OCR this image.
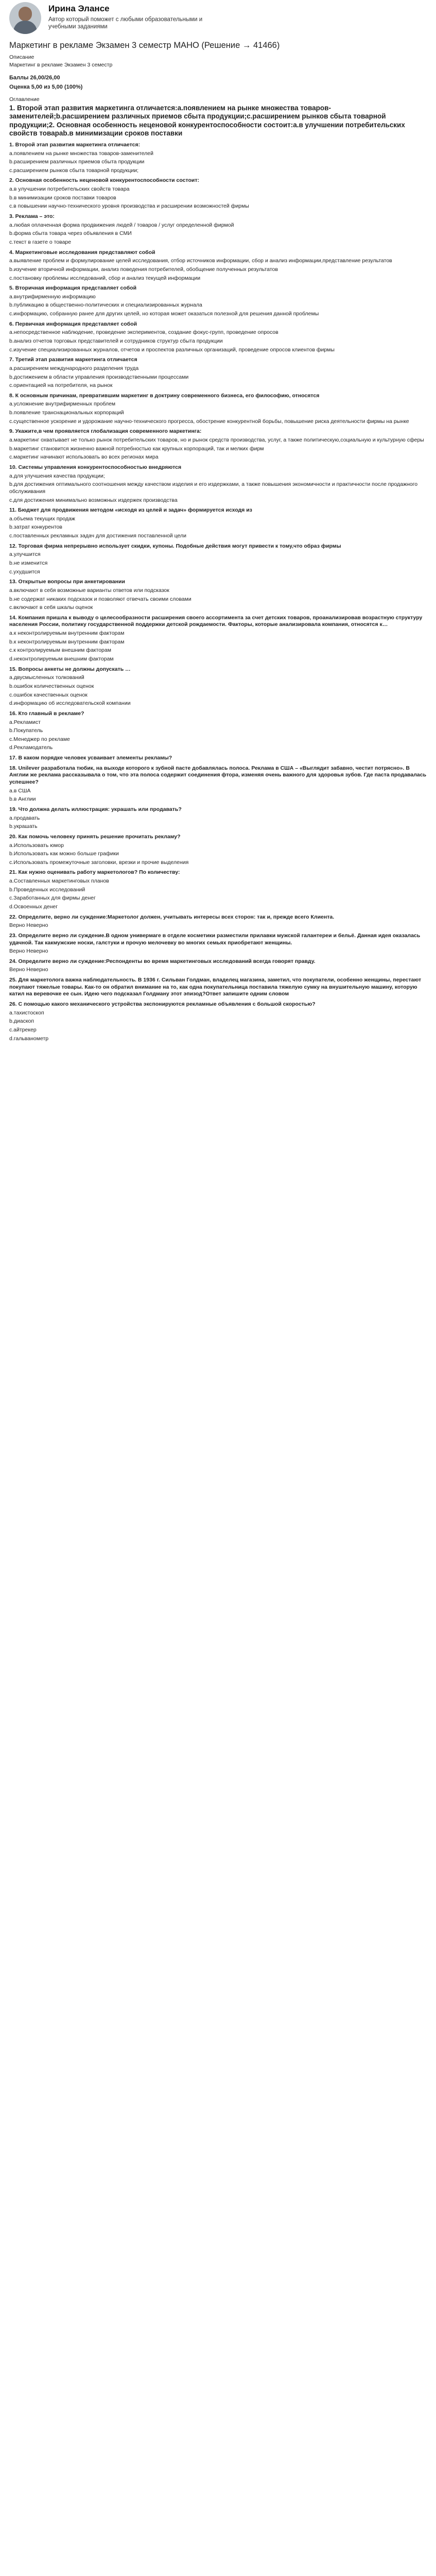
Ирина Элансе
Автор который поможет с любыми образовательными и учебными заданиями
Маркетинг в рекламе Экзамен 3 семестр МАНО (Решение → 41466)
Описание
Маркетинг в рекламе Экзамен 3 семестр
Баллы 26,00/26,00
Оценка 5,00 из 5,00 (100%)
Оглавление
1. Второй этап развития маркетинга отличается:а.появлением на рынке множества товаров-заменителей;b.расширением различных приемов сбыта продукции;с.расширением рынков сбыта товарной продукции;2. Основная особенность неценовой конкурентоспособности состоит:а.в улучшении потребительских свойств товараb.в минимизации сроков поставки
1. Второй этап развития маркетинга отличается:
а.появлением на рынке множества товаров-заменителей
b.расширением различных приемов сбыта продукции
c.расширением рынков сбыта товарной продукции;
2. Основная особенность неценовой конкурентоспособности состоит:
а.в улучшении потребительских свойств товара
b.в минимизации сроков поставки товаров
c.в повышении научно-технического уровня производства и расширении возможностей фирмы
3. Реклама – это:
а.любая оплаченная форма продвижения людей / товаров / услуг определенной фирмой
b.форма сбыта товара через объявления в СМИ
c.текст в газете о товаре
4. Маркетинговые исследования представляют собой
а.выявление проблем и формулирование целей исследования, отбор источников информации, сбор и анализ информации,представление результатов
b.изучение вторичной информации, анализ поведения потребителей, обобщение полученных результатов
c.постановку проблемы исследований, сбор и анализ текущей информации
5. Вторичная информация представляет собой
а.внутрифирменную информацию
b.публикацию в общественно-политических и специализированных журнала
c.информацию, собранную ранее для других целей, но которая может оказаться полезной для решения данной проблемы
6. Первичная информация представляет собой
а.непосредственное наблюдение, проведение экспериментов, создание фокус-групп, проведение опросов
b.анализ отчетов торговых представителей и сотрудников структур сбыта продукции
c.изучение специализированных журналов, отчетов и проспектов различных организаций, проведение опросов клиентов фирмы
7. Третий этап развития маркетинга отличается
а.расширением международного разделения труда
b.достижением в области управления производственными процессами
c.ориентацией на потребителя, на рынок
8. К основным причинам, превратившим маркетинг в доктрину современного бизнеса, его философию, относятся
а.усложнение внутрифирменных проблем
b.появление транснациональных корпораций
c.существенное ускорение и удорожание научно-технического прогресса, обострение конкурентной борьбы, повышение риска деятельности фирмы на рынке
9. Укажите,в чем проявляется глобализация современного маркетинга:
а.маркетинг охватывает не только рынок потребительских товаров, но и рынок средств производства, услуг, а также политическую,социальную и культурную сферы
b.маркетинг становится жизненно важной потребностью как крупных корпораций, так и мелких фирм
c.маркетинг начинают использовать во всех регионах мира
10. Системы управления конкурентоспособностью внедряются
а.для улучшения качества продукции;
b.для достижения оптимального соотношения между качеством изделия и его издержками, а также повышения экономичности и практичности после продажного обслуживания
c.для достижения минимально возможных издержек производства
11. Бюджет для продвижения методом «исходя из целей и задач» формируется исходя из
а.объема текущих продаж
b.затрат конкурентов
c.поставленных рекламных задач для достижения поставленной цели
12. Торговая фирма непрерывно использует скидки, купоны. Подобные действия могут привести к тому,что образ фирмы
а.улучшится
b.не изменится
c.ухудшится
13. Открытые вопросы при анкетировании
а.включают в себя возможные варианты ответов или подсказок
b.не содержат никаких подсказок и позволяют отвечать своими словами
c.включают в себя шкалы оценок
14. Компания пришла к выводу о целесообразности расширения своего ассортимента за счет детских товаров, проанализировав возрастную структуру населения России, политику государственной поддержки детской рождаемости. Факторы, которые анализировала компания, относятся к…
а.к неконтролируемым внутренним факторам
b.к неконтролируемым внутренним факторам
c.к контролируемым внешним факторам
d.неконтролируемым внешним факторам
15. Вопросы анкеты не должны допускать …
а.двусмысленных толкований
b.ошибок количественных оценок
c.ошибок качественных оценок
d.информацию об исследовательской компании
16. Кто главный в рекламе?
а.Рекламист
b.Покупатель
c.Менеджер по рекламе
d.Рекламодатель
17. В каком порядке человек усваивает элементы рекламы?
18. Unilever разработала тюбик, на выходе которого к зубной пасте добавлялась полоса. Реклама в США – «Выглядит забавно, честит потрясно». В Англии же реклама рассказывала о том, что эта полоса содержит соединения фтора, изменяя очень важного для здоровья зубов. Где паста продавалась успешнее?
а.в США
b.в Англии
19. Что должна делать иллюстрация: украшать или продавать?
а.продавать
b.украшать
20. Как помочь человеку принять решение прочитать рекламу?
а.Использовать юмор
b.Использовать как можно больше графики
c.Использовать промежуточные заголовки, врезки и прочие выделения
21. Как нужно оценивать работу маркетологов? По количеству:
а.Составленных маркетинговых планов
b.Проведенных исследований
c.Заработанных для фирмы денег
d.Освоенных денег
22. Определите, верно ли суждение:Маркетолог должен, учитывать интересы всех сторон: так и, прежде всего Клиента.
Верно Неверно
23. Определите верно ли суждение.В одном универмаге в отделе косметики разместили прилавки мужской галантереи и бельё. Данная идея оказалась удачной. Так какмужские носки, галстуки и прочую мелочевку во многих семьях приобретают женщины.
Верно Неверно
24. Определите верно ли суждение:Респонденты во время маркетинговых исследований всегда говорят правду.
Верно Неверно
25. Для маркетолога важна наблюдательность. В 1936 г. Сильван Голдман, владелец магазина, заметил, что покупатели, особенно женщины, перестают покупают тяжелые товары. Как-то он обратил внимание на то, как одна покупательница поставила тяжелую сумку на внушительную машину, которую катил на веревочке ее сын. Идею чего подсказал Голдману этот эпизод?Ответ запишите одним словом
26. С помощью какого механического устройства экспонируются рекламные объявления с большой скоростью?
а.тахистоскоп
b.диаскоп
c.айтрекер
d.гальванометр
